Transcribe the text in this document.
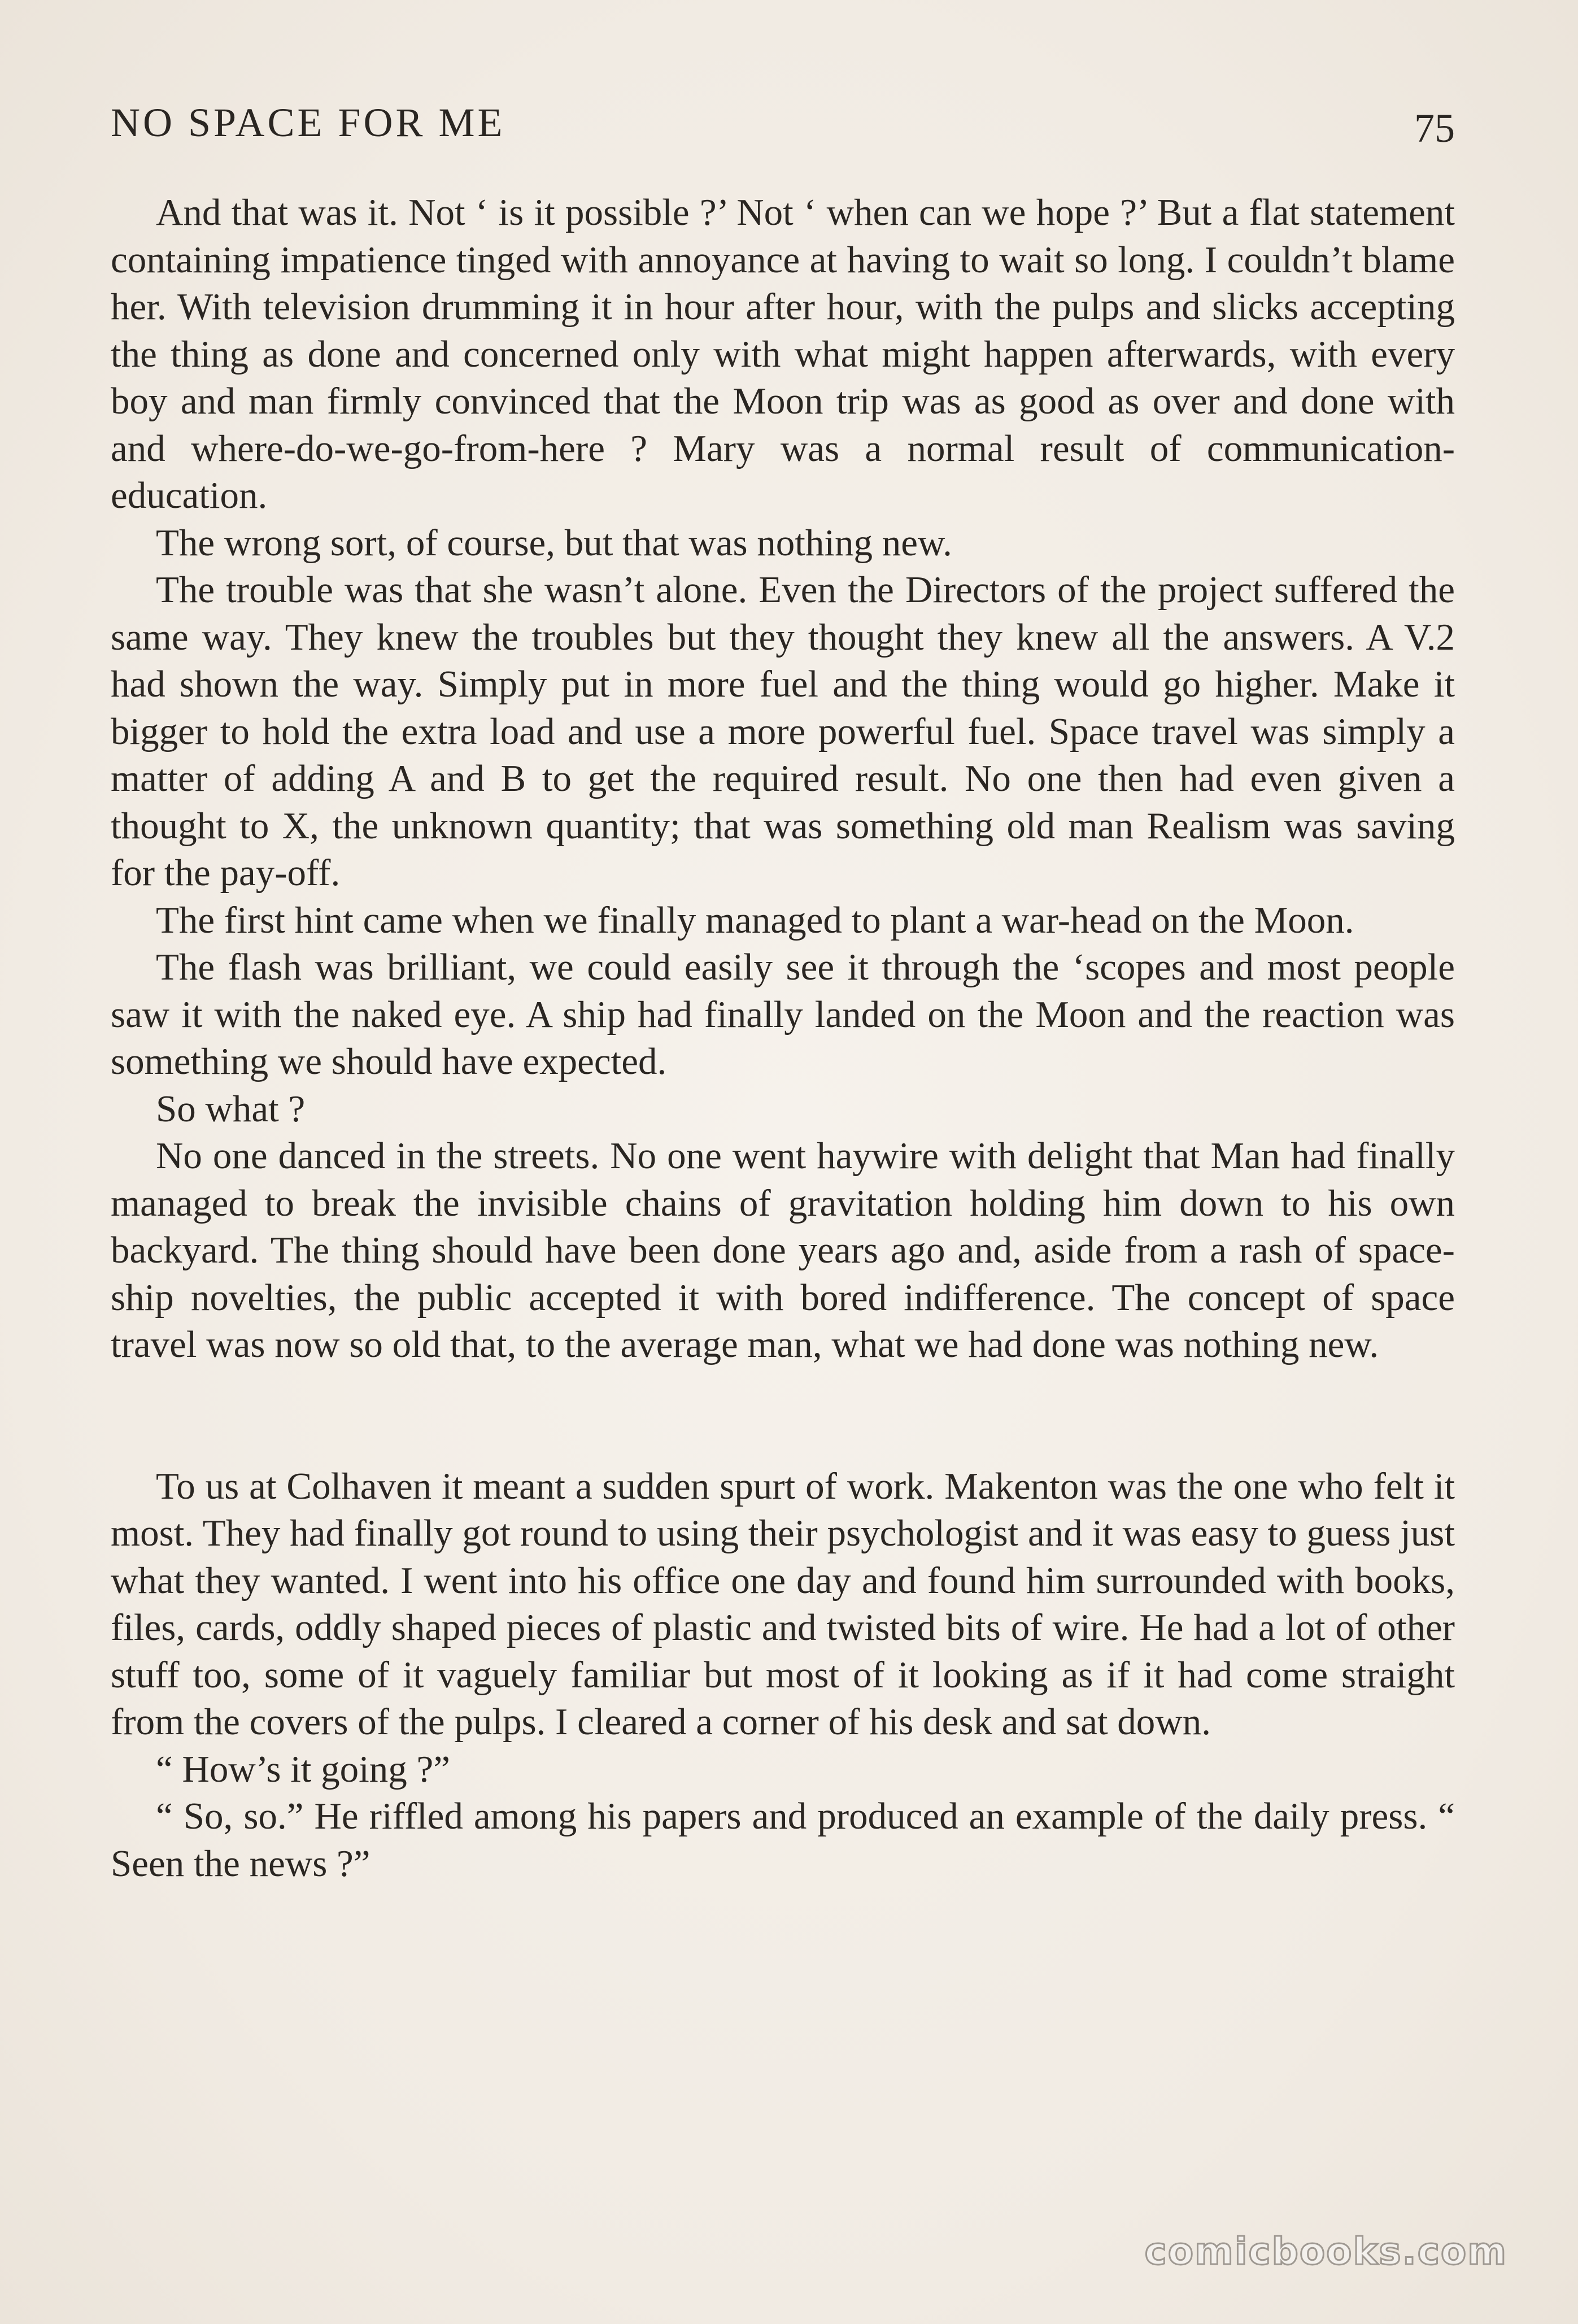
NO SPACE FOR ME	75

And that was it. Not ‘ is it possible ?’ Not ‘ when can we hope ?’ But a flat statement containing impatience tinged with annoyance at having to wait so long. I couldn’t blame her. With television drumming it in hour after hour, with the pulps and slicks accepting the thing as done and concerned only with what might happen afterwards, with every boy and man firmly convinced that the Moon trip was as good as over and done with and where-do-we-go-from-here ? Mary was a normal result of communication-education.

The wrong sort, of course, but that was nothing new.

The trouble was that she wasn’t alone. Even the Directors of the project suffered the same way. They knew the troubles but they thought they knew all the answers. A V.2 had shown the way. Simply put in more fuel and the thing would go higher. Make it bigger to hold the extra load and use a more powerful fuel. Space travel was simply a matter of adding A and B to get the required result. No one then had even given a thought to X, the unknown quantity; that was something old man Realism was saving for the pay-off.

The first hint came when we finally managed to plant a war-head on the Moon.

The flash was brilliant, we could easily see it through the ‘scopes and most people saw it with the naked eye. A ship had finally landed on the Moon and the reaction was something we should have expected.

So what ?

No one danced in the streets. No one went haywire with delight that Man had finally managed to break the invisible chains of gravitation holding him down to his own backyard. The thing should have been done years ago and, aside from a rash of space-ship novelties, the public accepted it with bored indifference. The concept of space travel was now so old that, to the average man, what we had done was nothing new.

To us at Colhaven it meant a sudden spurt of work. Makenton was the one who felt it most. They had finally got round to using their psychologist and it was easy to guess just what they wanted. I went into his office one day and found him surrounded with books, files, cards, oddly shaped pieces of plastic and twisted bits of wire. He had a lot of other stuff too, some of it vaguely familiar but most of it looking as if it had come straight from the covers of the pulps. I cleared a corner of his desk and sat down.

“ How’s it going ?”

“ So, so.” He riffled among his papers and produced an example of the daily press. “ Seen the news ?”

comicbooks.com
